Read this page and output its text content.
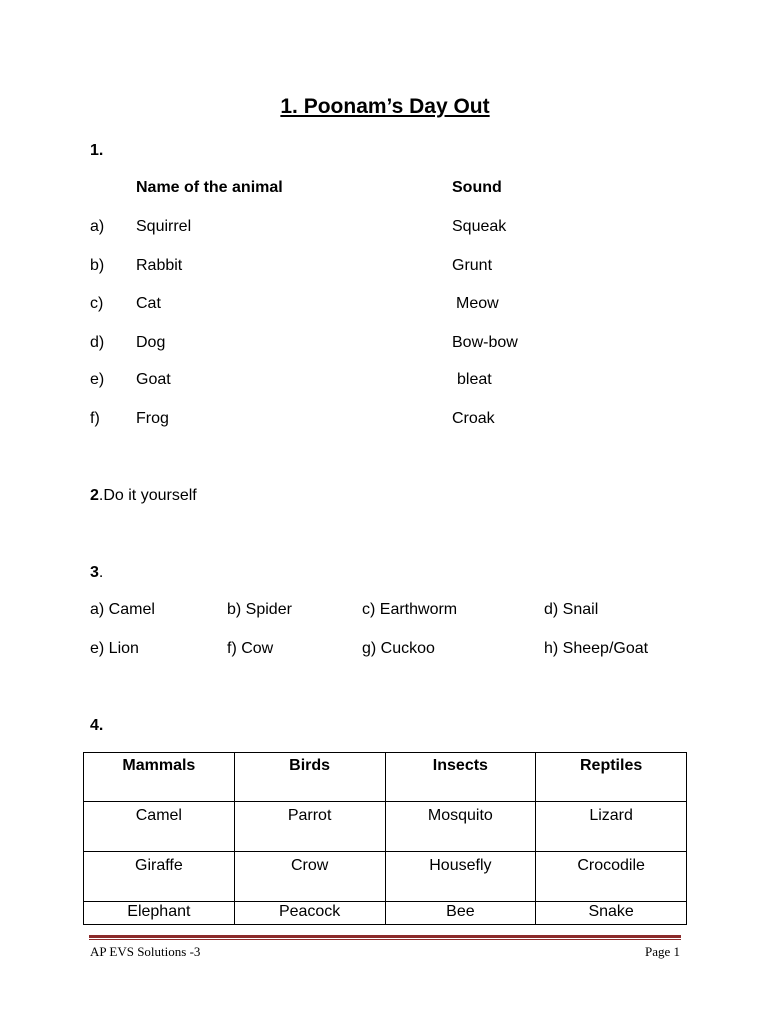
1. Poonam’s Day Out
1.
Name of the animal	Sound
a) Squirrel	Squeak
b) Rabbit	Grunt
c) Cat	Meow
d) Dog	Bow-bow
e) Goat	bleat
f) Frog	Croak
2.Do it yourself
3.
a) Camel	b) Spider	c) Earthworm	d) Snail
e) Lion	f) Cow	g) Cuckoo	h) Sheep/Goat
4.
Mammals	Birds	Insects	Reptiles
Camel	Parrot	Mosquito	Lizard
Giraffe	Crow	Housefly	Crocodile
Elephant	Peacock	Bee	Snake
AP EVS Solutions -3	Page 1
